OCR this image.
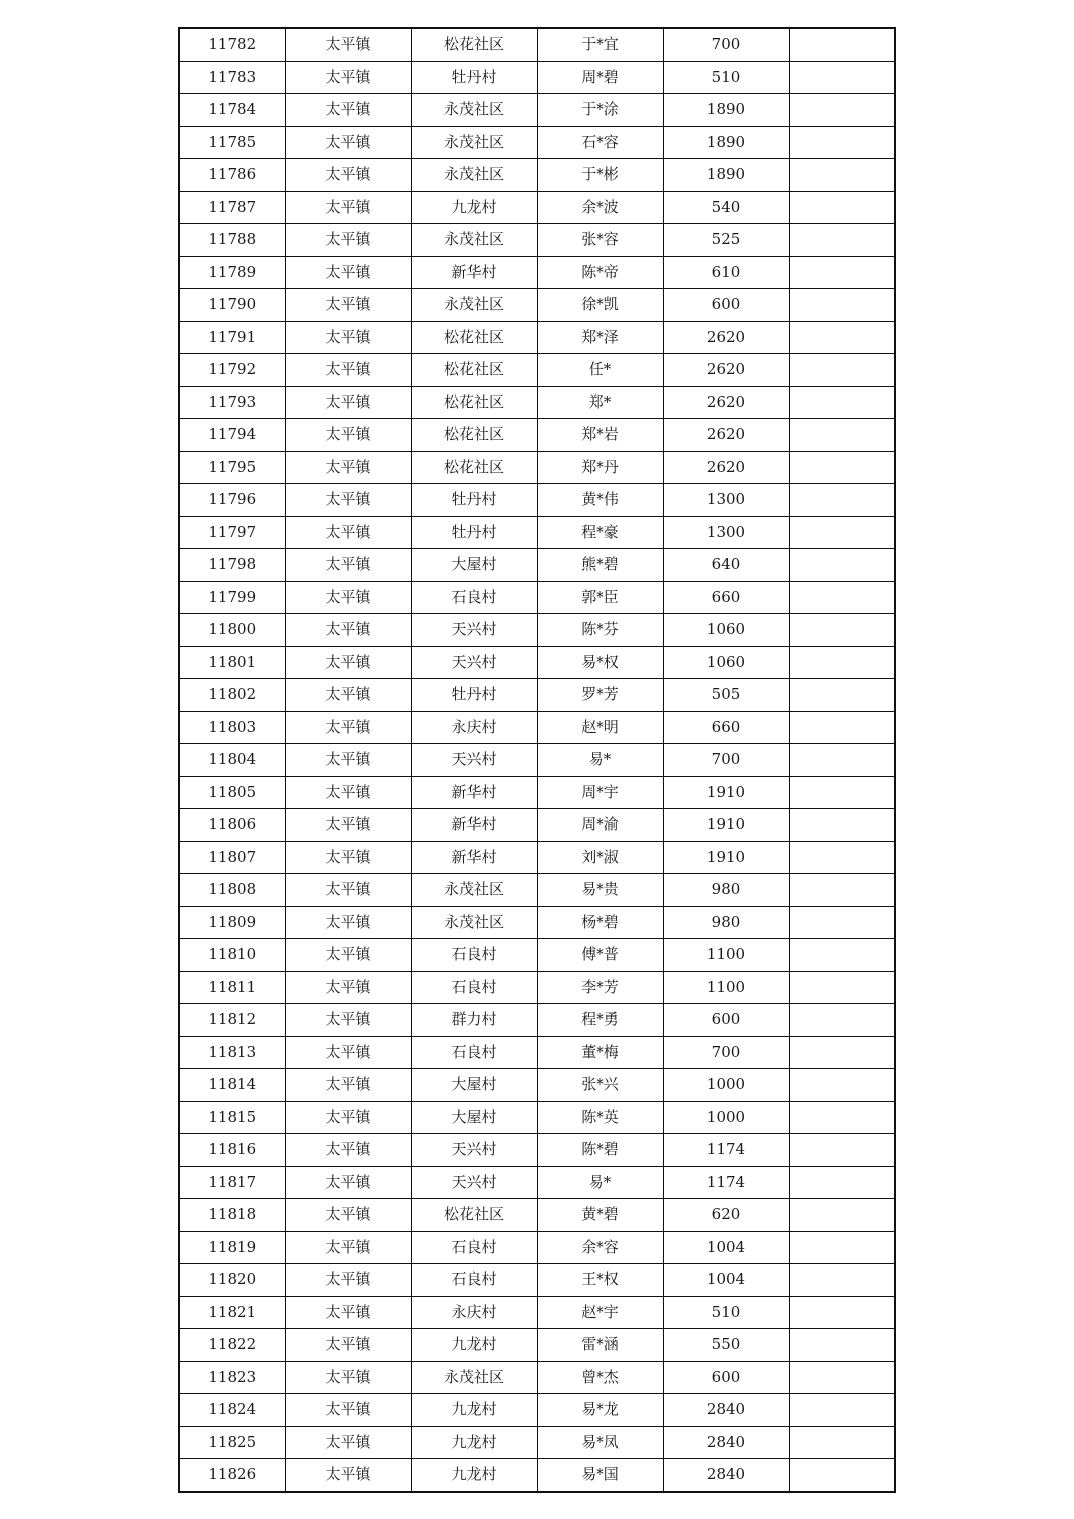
11782	太平镇	松花社区	于*宜	700	
11783	太平镇	牡丹村	周*碧	510	
11784	太平镇	永茂社区	于*涂	1890	
11785	太平镇	永茂社区	石*容	1890	
11786	太平镇	永茂社区	于*彬	1890	
11787	太平镇	九龙村	余*波	540	
11788	太平镇	永茂社区	张*容	525	
11789	太平镇	新华村	陈*帝	610	
11790	太平镇	永茂社区	徐*凯	600	
11791	太平镇	松花社区	郑*泽	2620	
11792	太平镇	松花社区	任*	2620	
11793	太平镇	松花社区	郑*	2620	
11794	太平镇	松花社区	郑*岩	2620	
11795	太平镇	松花社区	郑*丹	2620	
11796	太平镇	牡丹村	黄*伟	1300	
11797	太平镇	牡丹村	程*豪	1300	
11798	太平镇	大屋村	熊*碧	640	
11799	太平镇	石良村	郭*臣	660	
11800	太平镇	天兴村	陈*芬	1060	
11801	太平镇	天兴村	易*权	1060	
11802	太平镇	牡丹村	罗*芳	505	
11803	太平镇	永庆村	赵*明	660	
11804	太平镇	天兴村	易*	700	
11805	太平镇	新华村	周*宇	1910	
11806	太平镇	新华村	周*渝	1910	
11807	太平镇	新华村	刘*淑	1910	
11808	太平镇	永茂社区	易*贵	980	
11809	太平镇	永茂社区	杨*碧	980	
11810	太平镇	石良村	傅*普	1100	
11811	太平镇	石良村	李*芳	1100	
11812	太平镇	群力村	程*勇	600	
11813	太平镇	石良村	董*梅	700	
11814	太平镇	大屋村	张*兴	1000	
11815	太平镇	大屋村	陈*英	1000	
11816	太平镇	天兴村	陈*碧	1174	
11817	太平镇	天兴村	易*	1174	
11818	太平镇	松花社区	黄*碧	620	
11819	太平镇	石良村	余*容	1004	
11820	太平镇	石良村	王*权	1004	
11821	太平镇	永庆村	赵*宇	510	
11822	太平镇	九龙村	雷*涵	550	
11823	太平镇	永茂社区	曾*杰	600	
11824	太平镇	九龙村	易*龙	2840	
11825	太平镇	九龙村	易*凤	2840	
11826	太平镇	九龙村	易*国	2840	
